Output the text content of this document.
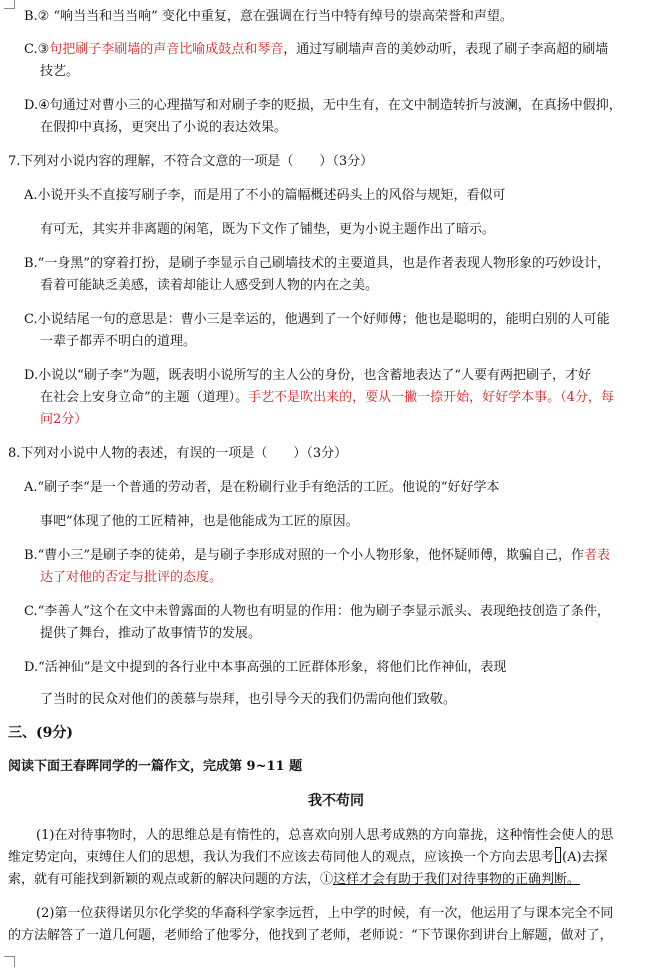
B.② “响当当和当当响” 变化中重复，意在强调在行当中特有绰号的崇高荣誉和声望。
C.③句把刷子李刷墙的声音比喻成鼓点和琴音，通过写刷墙声音的美妙动听，表现了刷子李高超的刷墙
技艺。
D.④句通过对曹小三的心理描写和对刷子李的贬损，无中生有，在文中制造转折与波澜，在真扬中假抑，
在假抑中真扬，更突出了小说的表达效果。
7.下列对小说内容的理解，不符合文意的一项是（　　）（3分）
A.小说开头不直接写刷子李，而是用了不小的篇幅概述码头上的风俗与规矩，看似可
有可无，其实并非离题的闲笔，既为下文作了铺垫，更为小说主题作出了暗示。
B.“一身黑”的穿着打扮，是刷子李显示自己刷墙技术的主要道具，也是作者表现人物形象的巧妙设计，
看着可能缺乏美感，读着却能让人感受到人物的内在之美。
C.小说结尾一句的意思是：曹小三是幸运的，他遇到了一个好师傅；他也是聪明的，能明白别的人可能
一辈子都弄不明白的道理。
D.小说以“刷子李”为题，既表明小说所写的主人公的身份，也含蓄地表达了“人要有两把刷子，才好
在社会上安身立命”的主题（道理）。手艺不是吹出来的，要从一撇一捺开始，好好学本事。（4分，每
问2分）
8.下列对小说中人物的表述，有误的一项是（　　）（3分）
A.“刷子李“是一个普通的劳动者，是在粉刷行业手有绝活的工匠。他说的“好好学本
事吧”体现了他的工匠精神，也是他能成为工匠的原因。
B.“曹小三”是刷子李的徒弟，是与刷子李形成对照的一个小人物形象，他怀疑师傅，欺骗自己，作者表
达了对他的否定与批评的态度。
C.“李善人”这个在文中未曾露面的人物也有明显的作用：他为刷子李显示派头、表现绝技创造了条件，
提供了舞台，推动了故事情节的发展。
D.“活神仙”是文中提到的各行业中本事高强的工匠群体形象，将他们比作神仙，表现
了当时的民众对他们的羡慕与崇拜，也引导今天的我们仍需向他们致敬。
三、(9分)
阅读下面王春晖同学的一篇作文，完成第 9~11 题
我不苟同
(1)在对待事物时，人的思维总是有惰性的，总喜欢向别人思考成熟的方向靠拢，这种惰性会使人的思
维定势定向，束缚住人们的思想，我认为我们不应该去苟同他人的观点，应该换一个方向去思考 (A)去探
索，就有可能找到新颖的观点或新的解决问题的方法，①这样才会有助于我们对待事物的正确判断。
(2)第一位获得诺贝尔化学奖的华裔科学家李远哲，上中学的时候，有一次，他运用了与课本完全不同
的方法解答了一道几何题，老师给了他零分，他找到了老师，老师说：“下节课你到讲台上解题，做对了，
